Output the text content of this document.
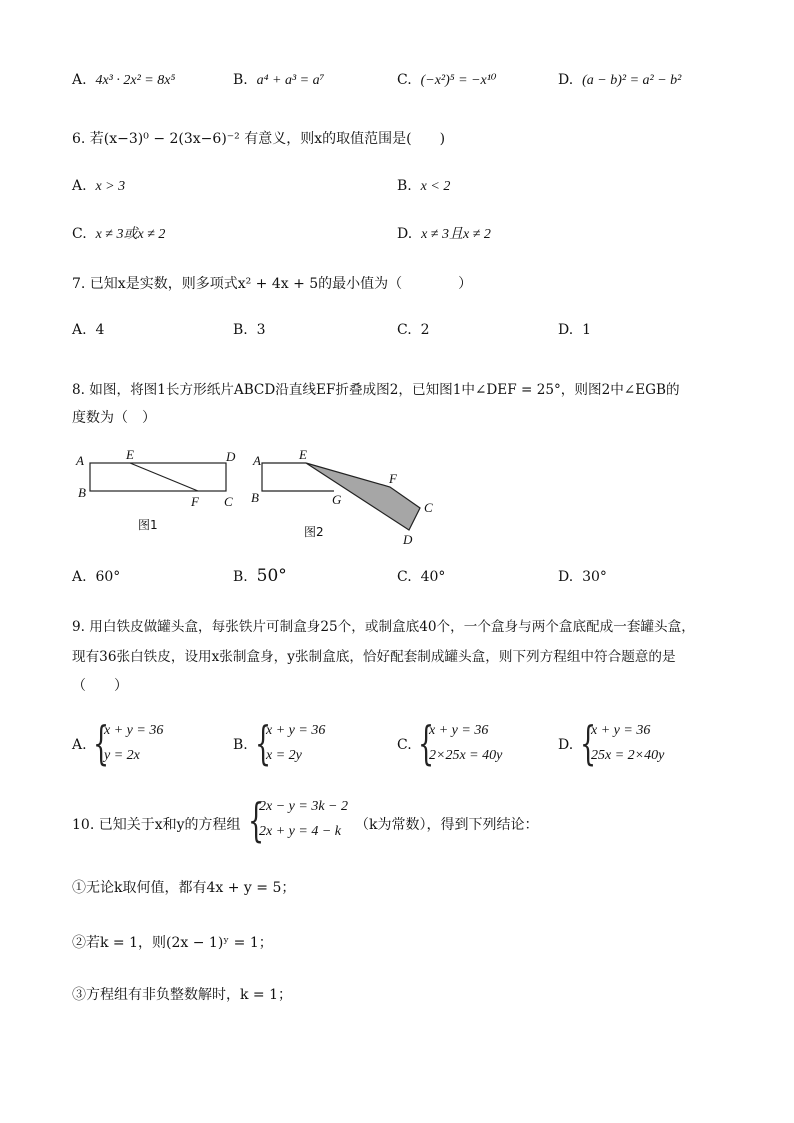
A. 4x³ · 2x² = 8x⁵	B. a⁴ + a³ = a⁷	C. (−x²)⁵ = −x¹⁰	D. (a − b)² = a² − b²
6. 若(x−3)⁰ − 2(3x−6)⁻² 有意义，则x的取值范围是(　　)
A. x > 3	B. x < 2
C. x ≠ 3或x ≠ 2	D. x ≠ 3且x ≠ 2
7. 已知x是实数，则多项式x² + 4x + 5的最小值为（　　　　）
A. 4	B. 3	C. 2	D. 1
8. 如图，将图1长方形纸片ABCD沿直线EF折叠成图2，已知图1中∠DEF = 25°，则图2中∠EGB的
度数为（　）
A	E	D
B
F C
图1
A	E
F
B	G
C
D
图2
A. 60°	B. 50°	C. 40°	D. 30°
9. 用白铁皮做罐头盒，每张铁片可制盒身25个，或制盒底40个，一个盒身与两个盒底配成一套罐头盒，
现有36张白铁皮，设用x张制盒身，y张制盒底，恰好配套制成罐头盒，则下列方程组中符合题意的是
（　　）
A. {
x + y = 36
y = 2x
B. {
x + y = 36
x = 2y
C. {
x + y = 36
2×25x = 40y
D. {
x + y = 36
25x = 2×40y
10. 已知关于x和y的方程组 {
2x − y = 3k − 2
2x + y = 4 − k （k为常数），得到下列结论：
①无论k取何值，都有4x + y = 5；
②若k = 1，则(2x − 1)ʸ = 1；
③方程组有非负整数解时，k = 1；
